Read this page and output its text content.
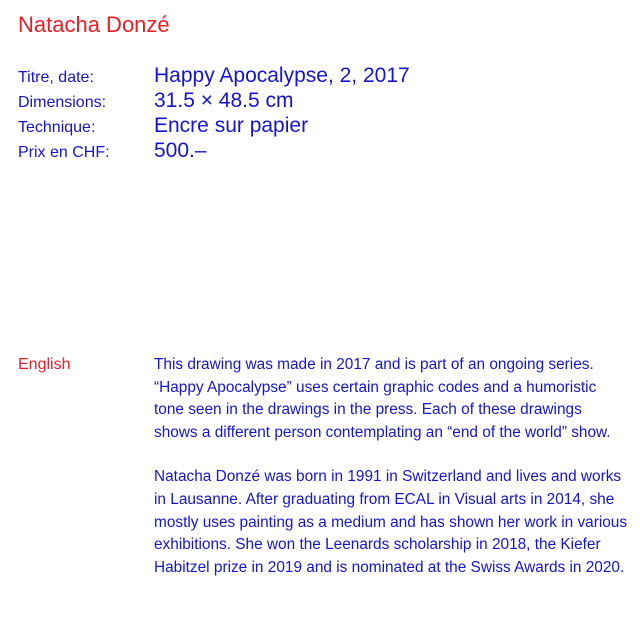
Natacha Donzé
Titre, date:	Happy Apocalypse, 2, 2017
Dimensions:	31.5 × 48.5 cm
Technique:	Encre sur papier
Prix en CHF:	500.–
English	This drawing was made in 2017 and is part of an ongoing series. “Happy Apocalypse” uses certain graphic codes and a humoristic tone seen in the drawings in the press. Each of these drawings shows a different person contemplating an “end of the world” show.

Natacha Donzé was born in 1991 in Switzerland and lives and works in Lausanne. After graduating from ECAL in Visual arts in 2014, she mostly uses painting as a medium and has shown her work in various exhibitions. She won the Leenards scholarship in 2018, the Kiefer Habitzel prize in 2019 and is nominated at the Swiss Awards in 2020.
